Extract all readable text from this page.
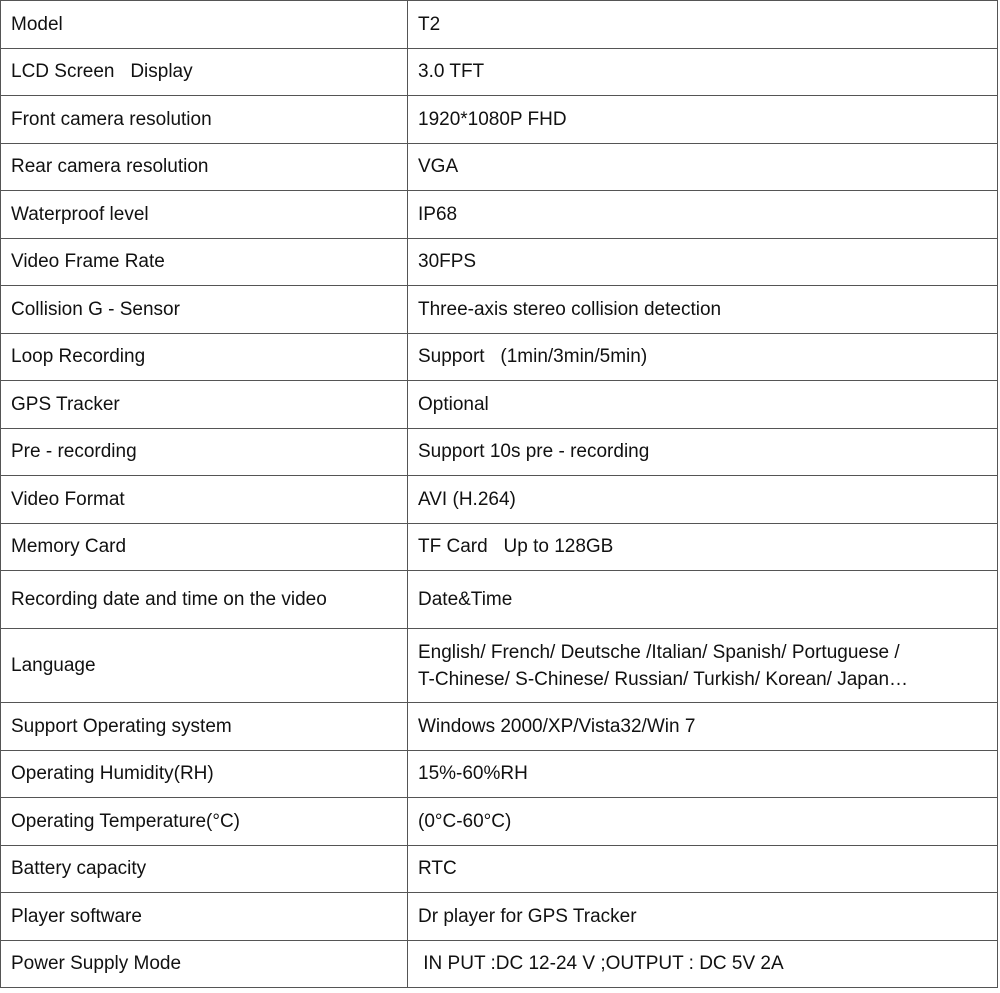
Model	T2
LCD Screen   Display	3.0 TFT
Front camera resolution	1920*1080P FHD
Rear camera resolution	VGA
Waterproof level	IP68
Video Frame Rate	30FPS
Collision G - Sensor	Three-axis stereo collision detection
Loop Recording	Support   (1min/3min/5min)
GPS Tracker	Optional
Pre - recording	Support 10s pre - recording
Video Format	AVI (H.264)
Memory Card	TF Card   Up to 128GB
Recording date and time on the video	Date&Time
Language	English/ French/ Deutsche /Italian/ Spanish/ Portuguese /
T-Chinese/ S-Chinese/ Russian/ Turkish/ Korean/ Japan…

Support Operating system	Windows 2000/XP/Vista32/Win 7
Operating Humidity(RH)	15%-60%RH
Operating Temperature(°C)	(0°C-60°C)
Battery capacity	RTC
Player software	Dr player for GPS Tracker
Power Supply Mode	IN PUT :DC 12-24 V ;OUTPUT : DC 5V 2A
